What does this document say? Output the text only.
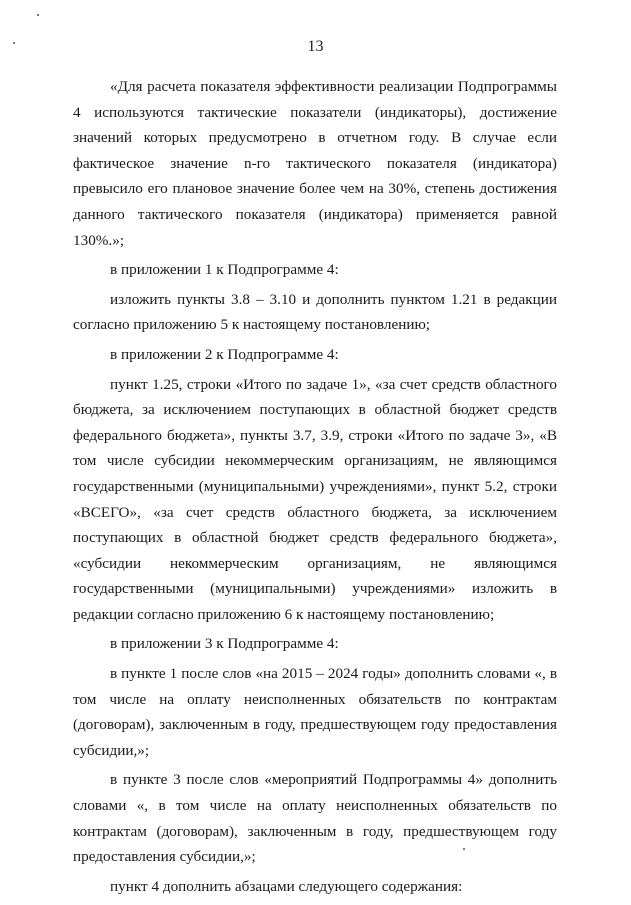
13

«Для расчета показателя эффективности реализации Подпрограммы 4 используются тактические показатели (индикаторы), достижение значений которых предусмотрено в отчетном году. В случае если фактическое значение n-го тактического показателя (индикатора) превысило его плановое значение более чем на 30%, степень достижения данного тактического показателя (индикатора) применяется равной 130%.»;

в приложении 1 к Подпрограмме 4:

изложить пункты 3.8 – 3.10 и дополнить пунктом 1.21 в редакции согласно приложению 5 к настоящему постановлению;

в приложении 2 к Подпрограмме 4:

пункт 1.25, строки «Итого по задаче 1», «за счет средств областного бюджета, за исключением поступающих в областной бюджет средств федерального бюджета», пункты 3.7, 3.9, строки «Итого по задаче 3», «В том числе субсидии некоммерческим организациям, не являющимся государственными (муниципальными) учреждениями», пункт 5.2, строки «ВСЕГО», «за счет средств областного бюджета, за исключением поступающих в областной бюджет средств федерального бюджета», «субсидии некоммерческим организациям, не являющимся государственными (муниципальными) учреждениями» изложить в редакции согласно приложению 6 к настоящему постановлению;

в приложении 3 к Подпрограмме 4:

в пункте 1 после слов «на 2015 – 2024 годы» дополнить словами «, в том числе на оплату неисполненных обязательств по контрактам (договорам), заключенным в году, предшествующем году предоставления субсидии,»;

в пункте 3 после слов «мероприятий Подпрограммы 4» дополнить словами «, в том числе на оплату неисполненных обязательств по контрактам (договорам), заключенным в году, предшествующем году предоставления субсидии,»;

пункт 4 дополнить абзацами следующего содержания:
